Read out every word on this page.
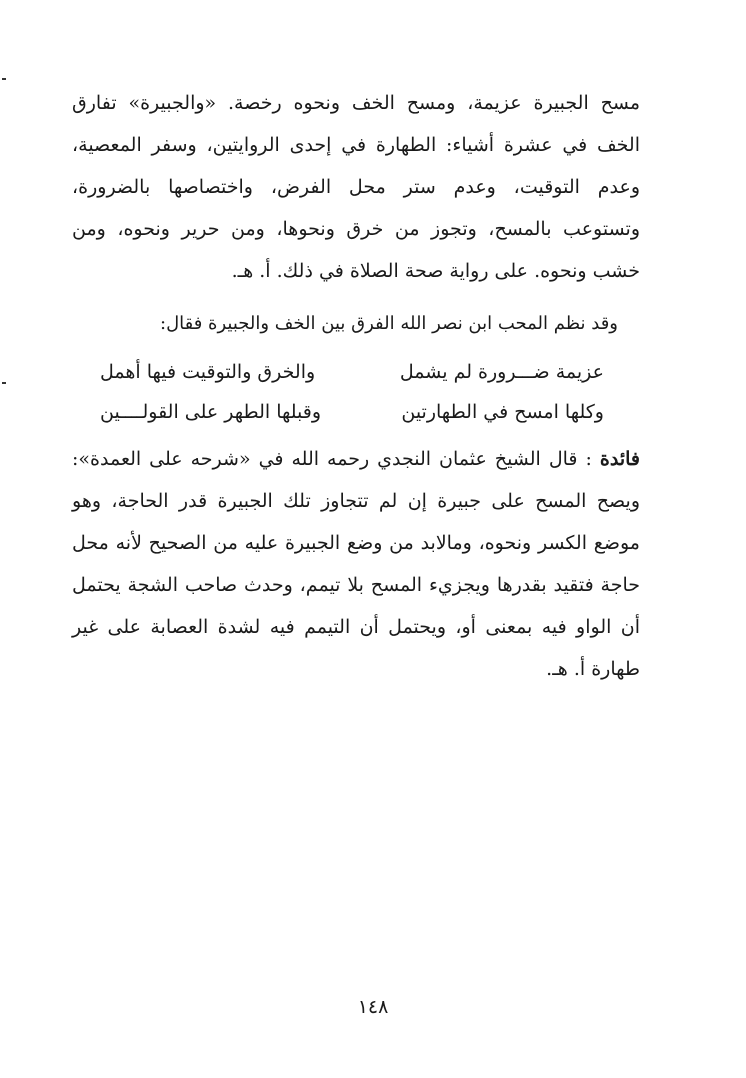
مسح الجبيرة عزيمة، ومسح الخف ونحوه رخصة. «والجبيرة» تفارق الخف في عشرة أشياء: الطهارة في إحدى الروايتين، وسفر المعصية، وعدم التوقيت، وعدم ستر محل الفرض، واختصاصها بالضرورة، وتستوعب بالمسح، وتجوز من خرق ونحوها، ومن حرير ونحوه، ومن خشب ونحوه. على رواية صحة الصلاة في ذلك. أ. هـ.
وقد نظم المحب ابن نصر الله الفرق بين الخف والجبيرة فقال:
عزيمة ضـــرورة لم يشمل
والخرق والتوقيت فيها أهمل
وكلها امسح في الطهارتين
وقبلها الطهر على القولــــين
فائدة : قال الشيخ عثمان النجدي رحمه الله في «شرحه على العمدة»: ويصح المسح على جبيرة إن لم تتجاوز تلك الجبيرة قدر الحاجة، وهو موضع الكسر ونحوه، ومالابد من وضع الجبيرة عليه من الصحيح لأنه محل حاجة فتقيد بقدرها ويجزيء المسح بلا تيمم، وحدث صاحب الشجة يحتمل أن الواو فيه بمعنى أو، ويحتمل أن التيمم فيه لشدة العصابة على غير طهارة أ. هـ.
١٤٨
